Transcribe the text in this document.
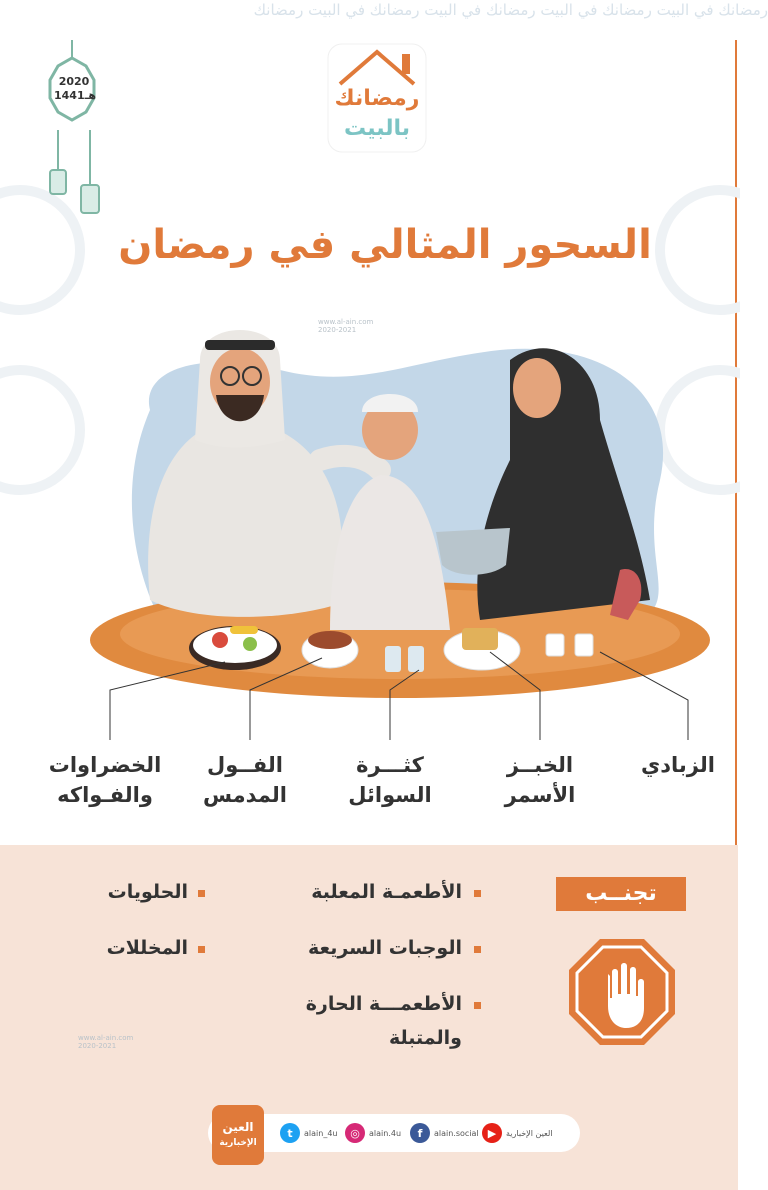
رمضانك في البيت رمضانك في البيت رمضانك في البيت رمضانك في البيت رمضانك
2020
1441هـ	رمضانك
بالبيت
السحور المثالي في رمضان
www.al-ain.com
2020-2021
الخضراوات
والفـواكه
الفــول
المدمس
كثـــرة
السوائل
الخبــز
الأسمر
الزبادي
تجنــب
الأطعمـة المعلبة
الوجبات السريعة
الأطعمـــة الحارة
والمتبلة
الحلويات
المخللات
www.al-ain.com
2020-2021
العين
الإخبارية
t	alain_4u	◎	alain.4u	f	alain.social ▶	العين الإخبارية
